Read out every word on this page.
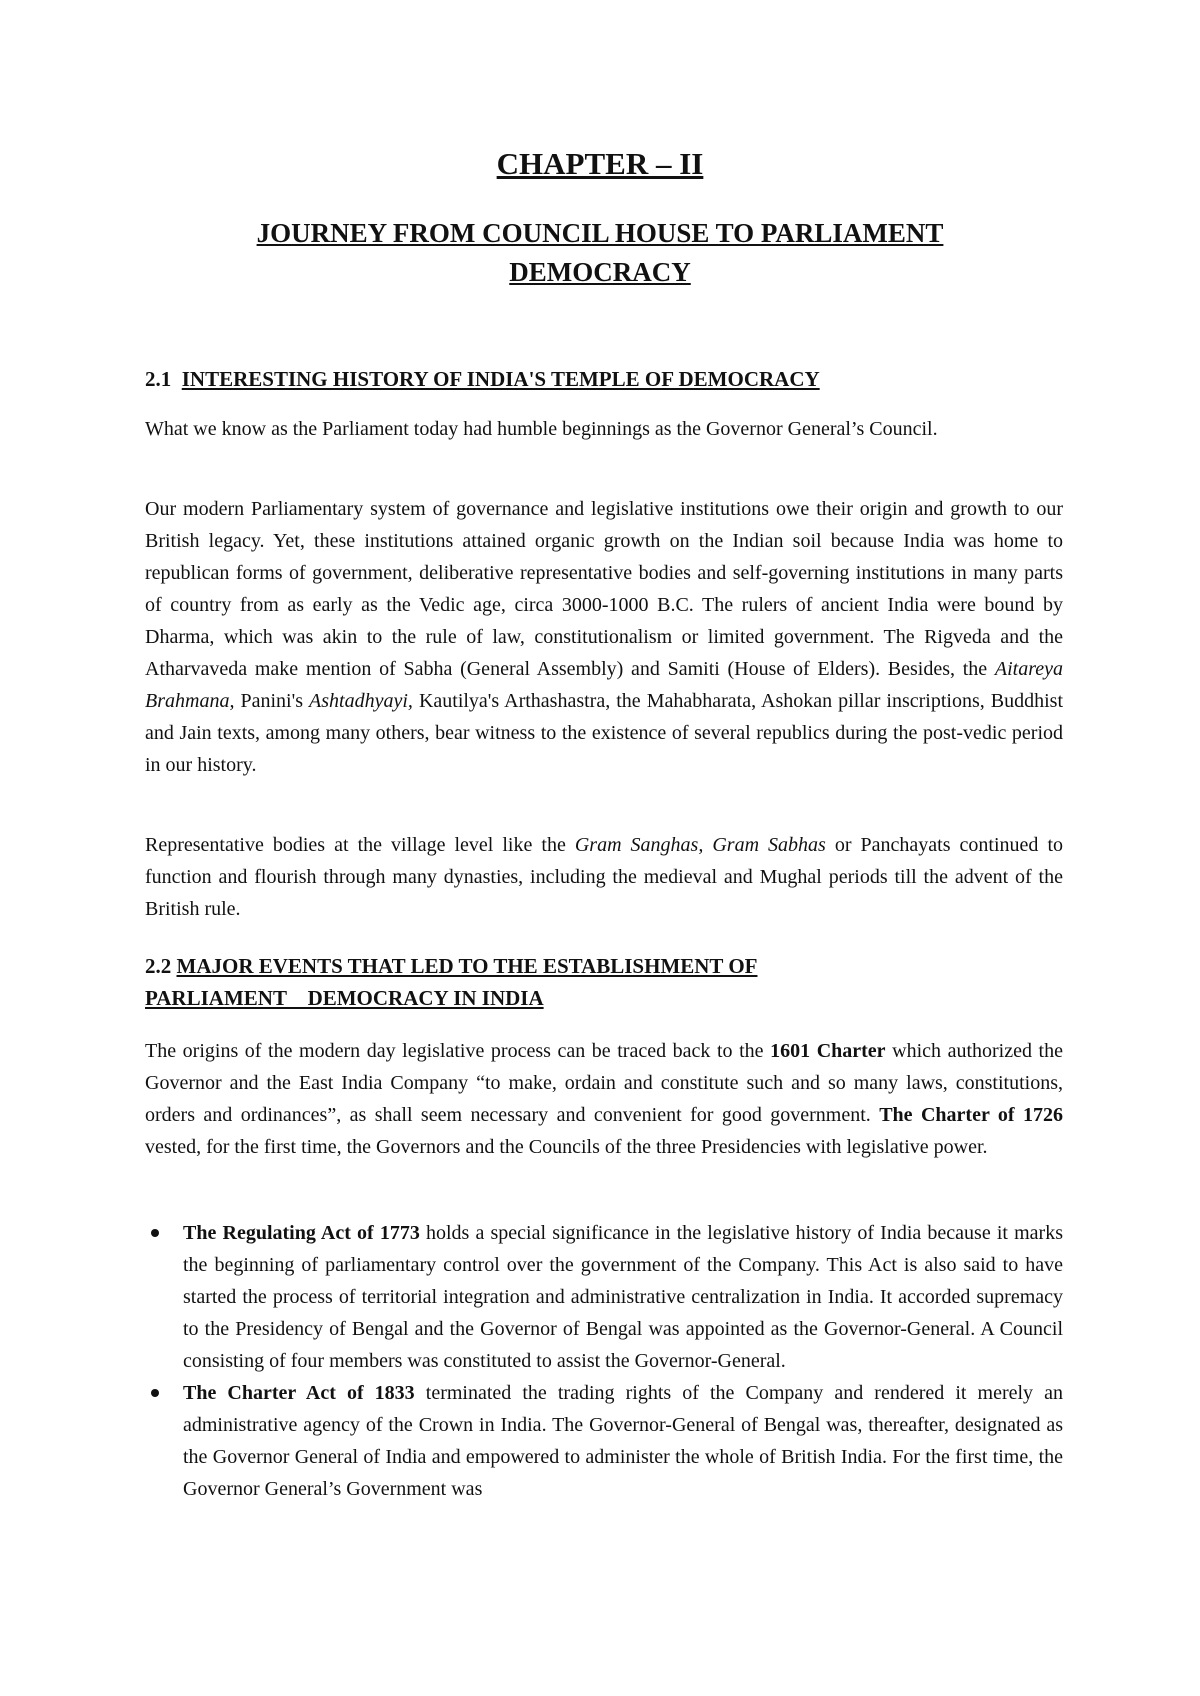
CHAPTER – II
JOURNEY FROM COUNCIL HOUSE TO PARLIAMENT
DEMOCRACY
2.1 INTERESTING HISTORY OF INDIA'S TEMPLE OF DEMOCRACY

What we know as the Parliament today had humble beginnings as the Governor General’s Council.

Our modern Parliamentary system of governance and legislative institutions owe their origin and growth to our British legacy. Yet, these institutions attained organic growth on the Indian soil because India was home to republican forms of government, deliberative representative bodies and self-governing institutions in many parts of country from as early as the Vedic age, circa 3000-1000 B.C. The rulers of ancient India were bound by Dharma, which was akin to the rule of law, constitutionalism or limited government. The Rigveda and the Atharvaveda make mention of Sabha (General Assembly) and Samiti (House of Elders). Besides, the Aitareya Brahmana, Panini's Ashtadhyayi, Kautilya's Arthashastra, the Mahabharata, Ashokan pillar inscriptions, Buddhist and Jain texts, among many others, bear witness to the existence of several republics during the post-vedic period in our history.

Representative bodies at the village level like the Gram Sanghas, Gram Sabhas or Panchayats continued to function and flourish through many dynasties, including the medieval and Mughal periods till the advent of the British rule.

2.2 MAJOR EVENTS THAT LED TO THE ESTABLISHMENT OF
PARLIAMENT    DEMOCRACY IN INDIA

The origins of the modern day legislative process can be traced back to the 1601 Charter which authorized the Governor and the East India Company “to make, ordain and constitute such and so many laws, constitutions, orders and ordinances”, as shall seem necessary and convenient for good government. The Charter of 1726 vested, for the first time, the Governors and the Councils of the three Presidencies with legislative power.

The Regulating Act of 1773 holds a special significance in the legislative history of India because it marks the beginning of parliamentary control over the government of the Company. This Act is also said to have started the process of territorial integration and administrative centralization in India. It accorded supremacy to the Presidency of Bengal and the Governor of Bengal was appointed as the Governor-General. A Council consisting of four members was constituted to assist the Governor-General.
The Charter Act of 1833 terminated the trading rights of the Company and rendered it merely an administrative agency of the Crown in India. The Governor-General of Bengal was, thereafter, designated as the Governor General of India and empowered to administer the whole of British India. For the first time, the Governor General’s Government was
